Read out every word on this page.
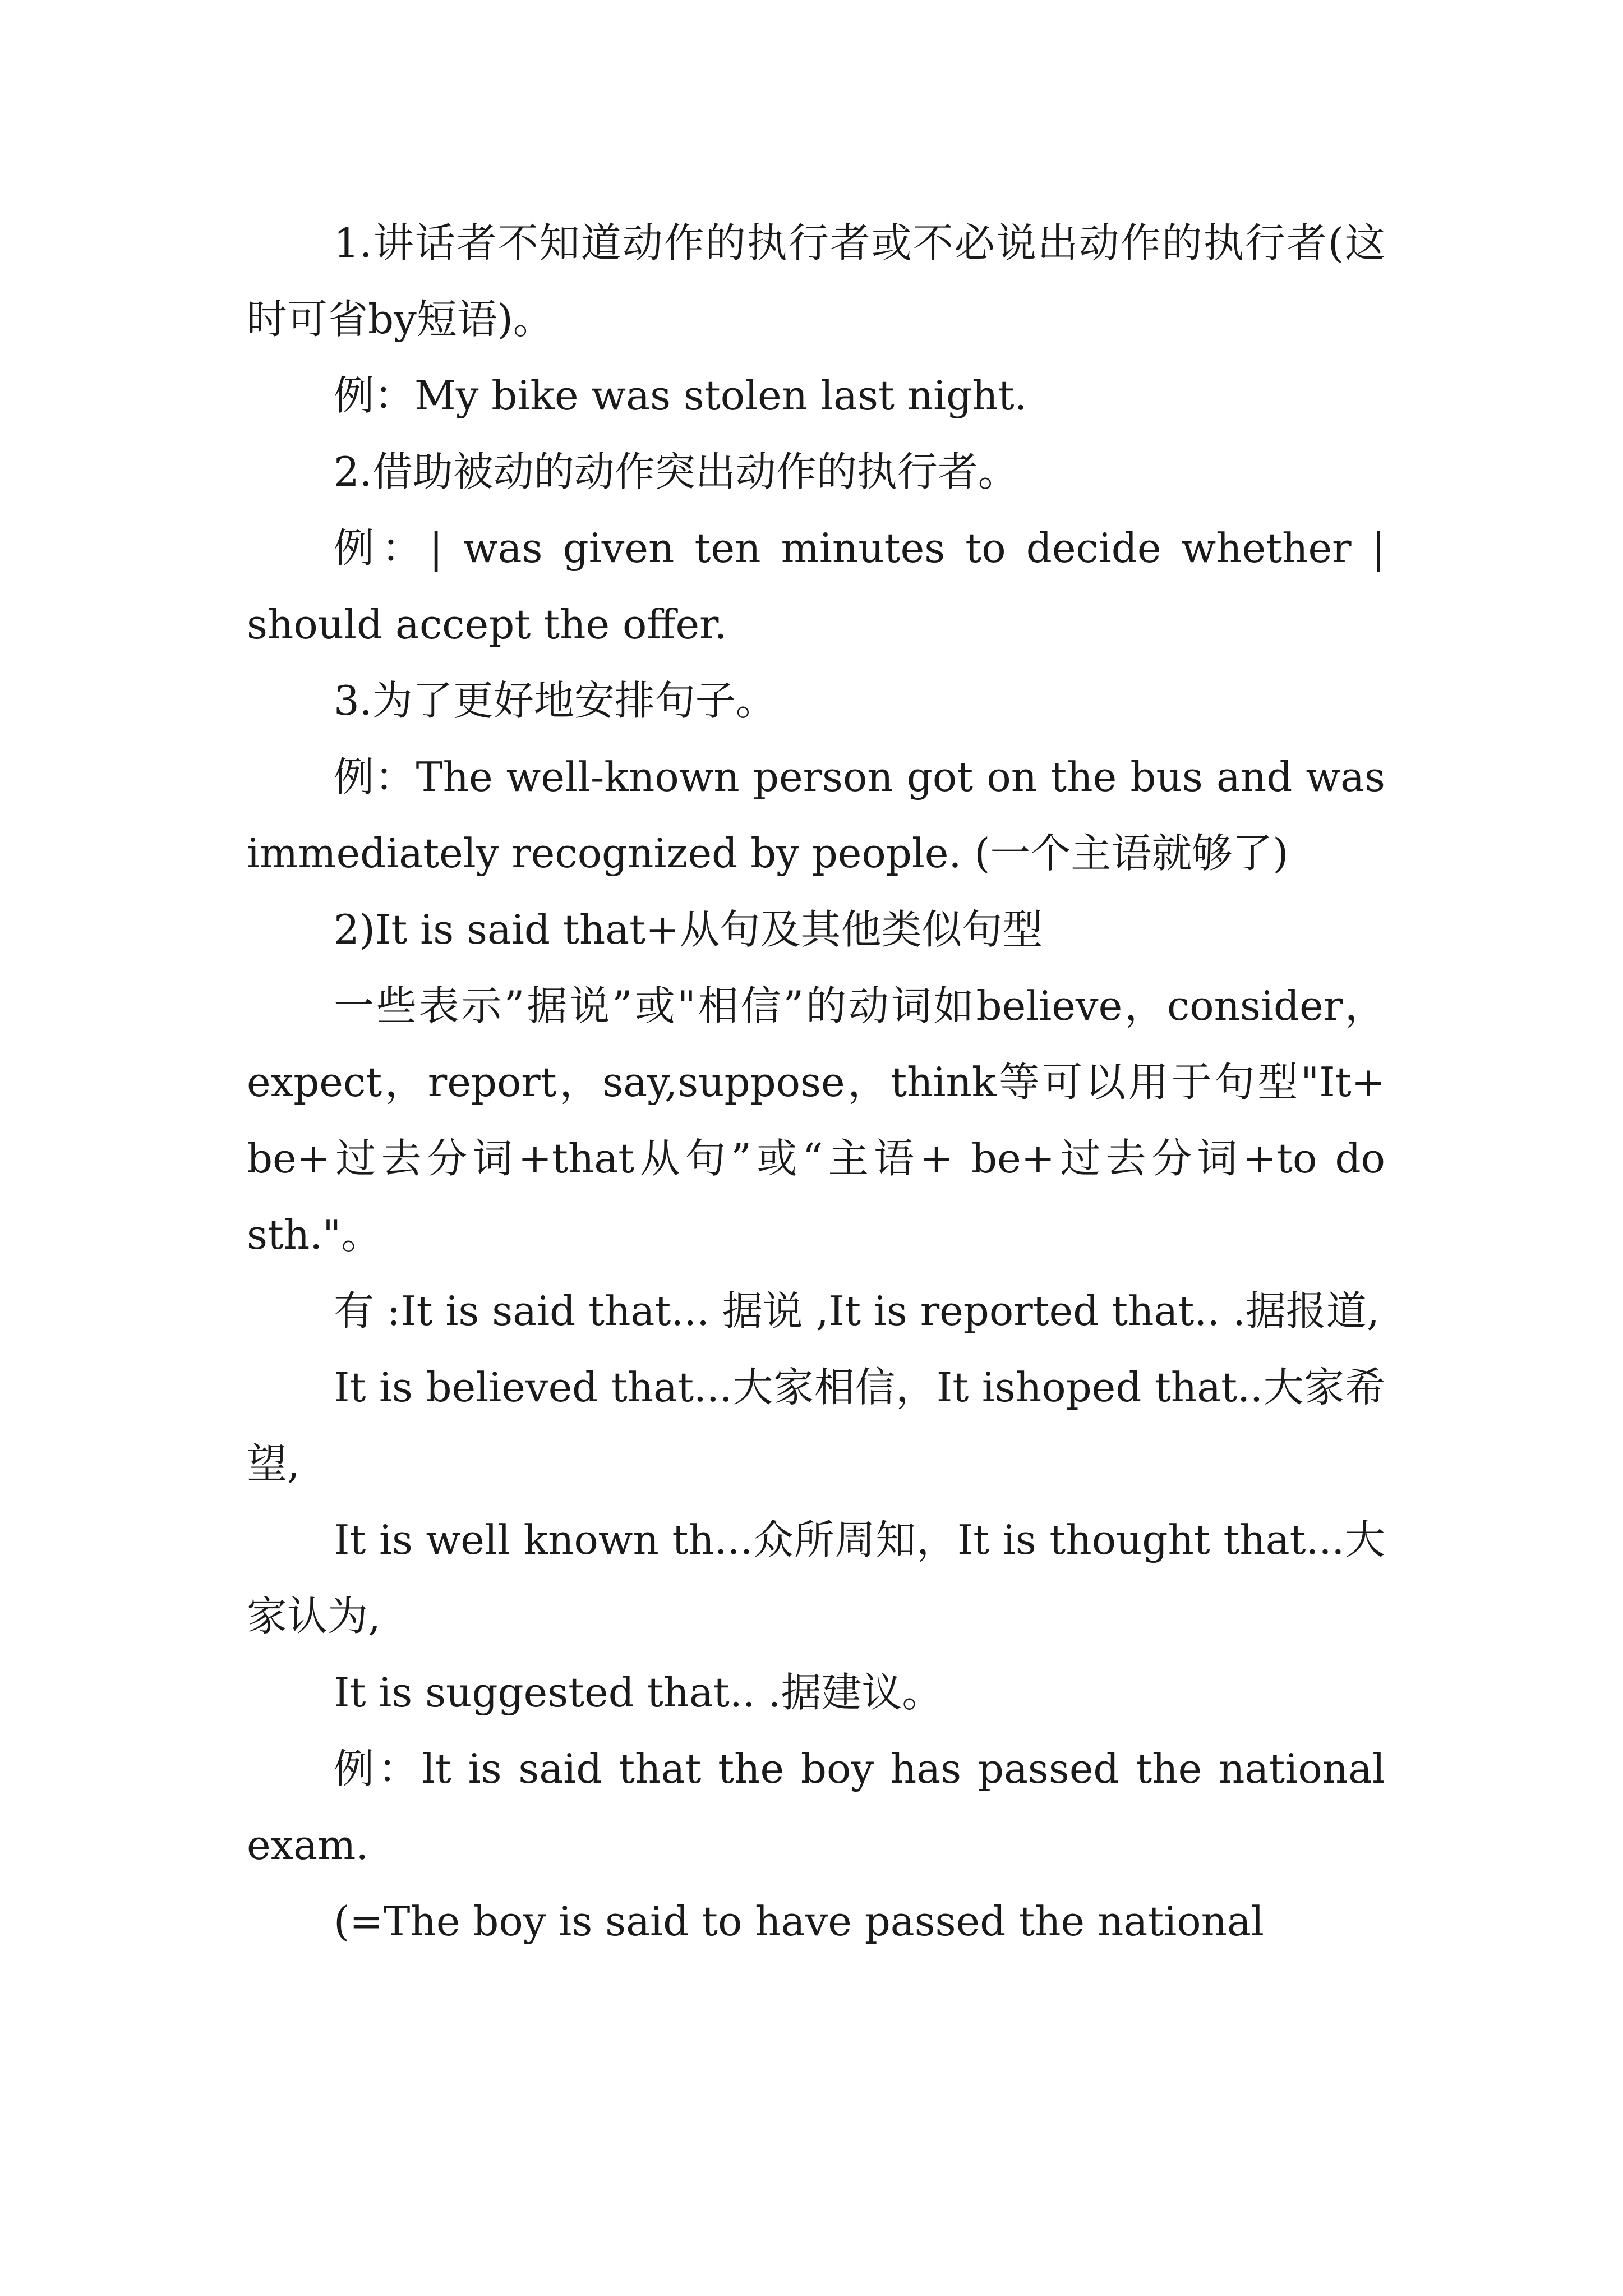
1.讲话者不知道动作的执行者或不必说出动作的执行者(这时可省by短语)。

例：My bike was stolen last night.

2.借助被动的动作突出动作的执行者。

例：| was given ten minutes to decide whether | should accept the offer.

3.为了更好地安排句子。

例：The well-known person got on the bus and was immediately recognized by people. (一个主语就够了)

2)It is said that+从句及其他类似句型

一些表示”据说”或"相信”的动词如believe，consider，expect，report，say,suppose，think等可以用于句型"It+ be+过去分词+that从句”或“主语+ be+过去分词+to do sth."。

有 :It is said that... 据说 ,It is reported that.. .据报道,

It is believed that...大家相信，It ishoped that..大家希望,

It is well known th...众所周知，It is thought that...大家认为,

It is suggested that.. .据建议。

例：lt is said that the boy has passed the national exam.

(=The boy is said to have passed the national
